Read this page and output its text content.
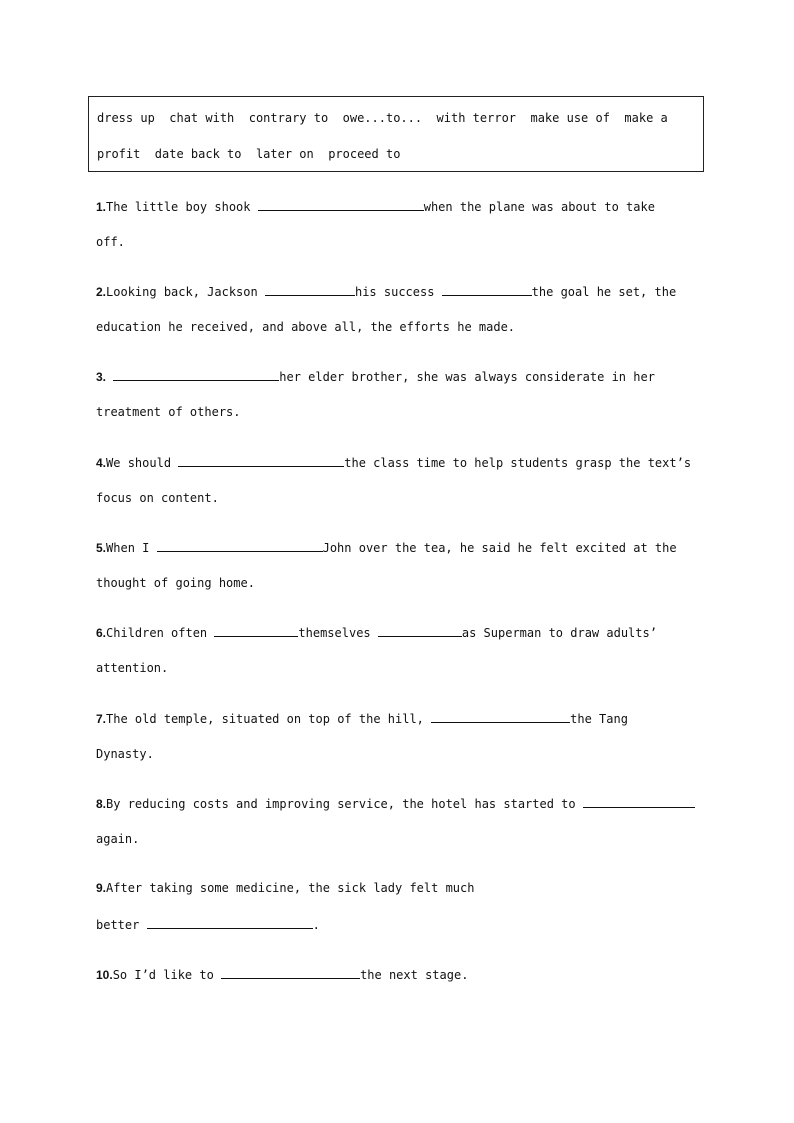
dress up  chat with  contrary to  owe...to...  with terror  make use of  make a
profit  date back to  later on  proceed to
1.The little boy shook	when the plane was about to take
off.
2.Looking back, Jackson	his success	the goal he set, the
education he received, and above all, the efforts he made.
3.	her elder brother, she was always considerate in her
treatment of others.
4.We should	the class time to help students grasp the text’s
focus on content.
5.When I	John over the tea, he said he felt excited at the
thought of going home.
6.Children often	themselves	as Superman to draw adults’
attention.
7.The old temple, situated on top of the hill,	the Tang
Dynasty.
8.By reducing costs and improving service, the hotel has started to
again.
9.After taking some medicine, the sick lady felt much
better	.
10.So I’d like to	the next stage.
